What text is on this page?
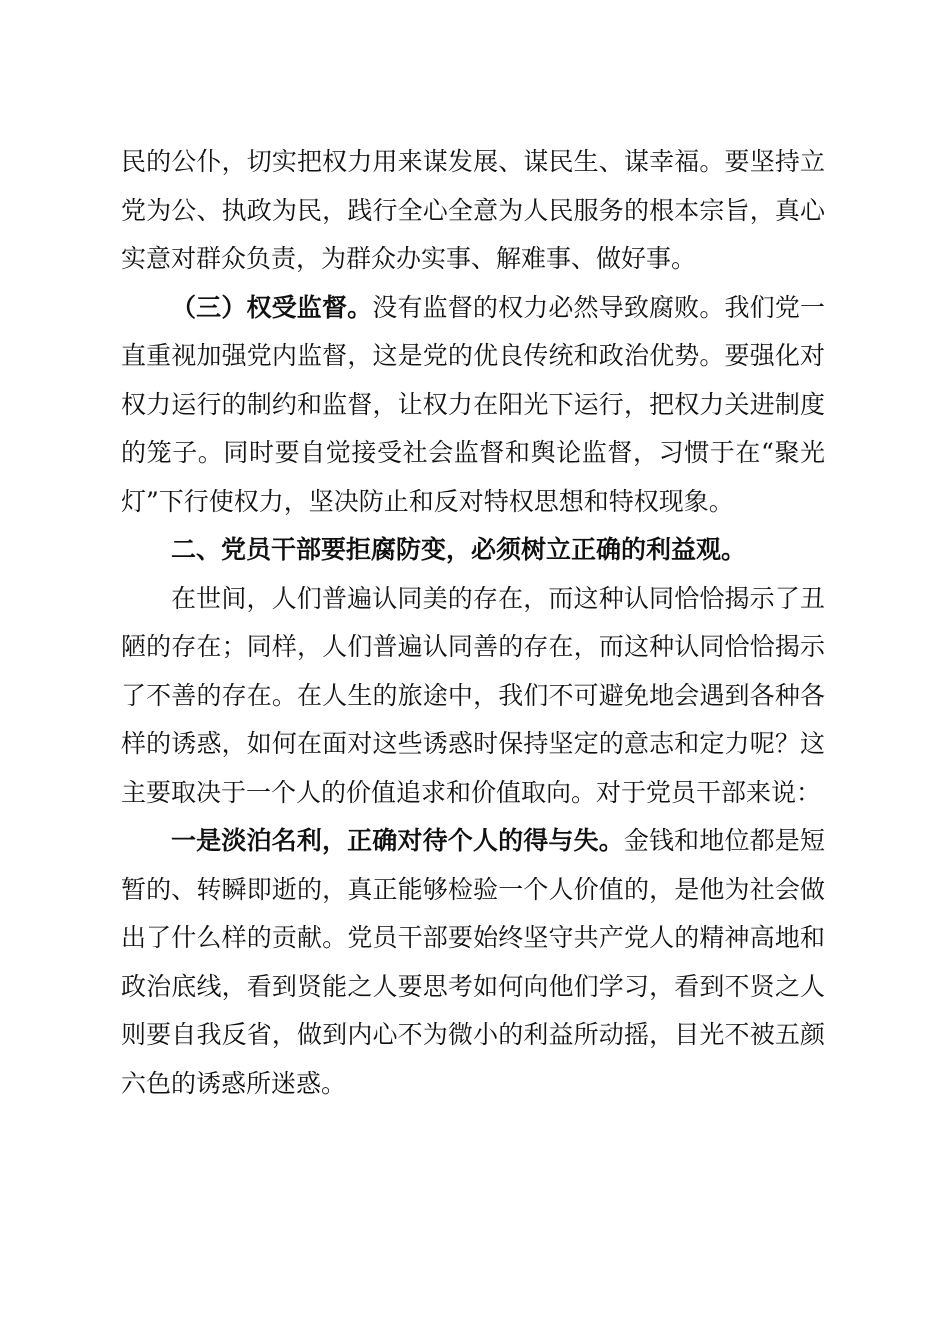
民的公仆，切实把权力用来谋发展、谋民生、谋幸福。要坚持立党为公、执政为民，践行全心全意为人民服务的根本宗旨，真心实意对群众负责，为群众办实事、解难事、做好事。

（三）权受监督。没有监督的权力必然导致腐败。我们党一直重视加强党内监督，这是党的优良传统和政治优势。要强化对权力运行的制约和监督，让权力在阳光下运行，把权力关进制度的笼子。同时要自觉接受社会监督和舆论监督，习惯于在“聚光灯”下行使权力，坚决防止和反对特权思想和特权现象。

二、党员干部要拒腐防变，必须树立正确的利益观。

在世间，人们普遍认同美的存在，而这种认同恰恰揭示了丑陋的存在；同样，人们普遍认同善的存在，而这种认同恰恰揭示了不善的存在。在人生的旅途中，我们不可避免地会遇到各种各样的诱惑，如何在面对这些诱惑时保持坚定的意志和定力呢？这主要取决于一个人的价值追求和价值取向。对于党员干部来说：

一是淡泊名利，正确对待个人的得与失。金钱和地位都是短暂的、转瞬即逝的，真正能够检验一个人价值的，是他为社会做出了什么样的贡献。党员干部要始终坚守共产党人的精神高地和政治底线，看到贤能之人要思考如何向他们学习，看到不贤之人则要自我反省，做到内心不为微小的利益所动摇，目光不被五颜六色的诱惑所迷惑。
